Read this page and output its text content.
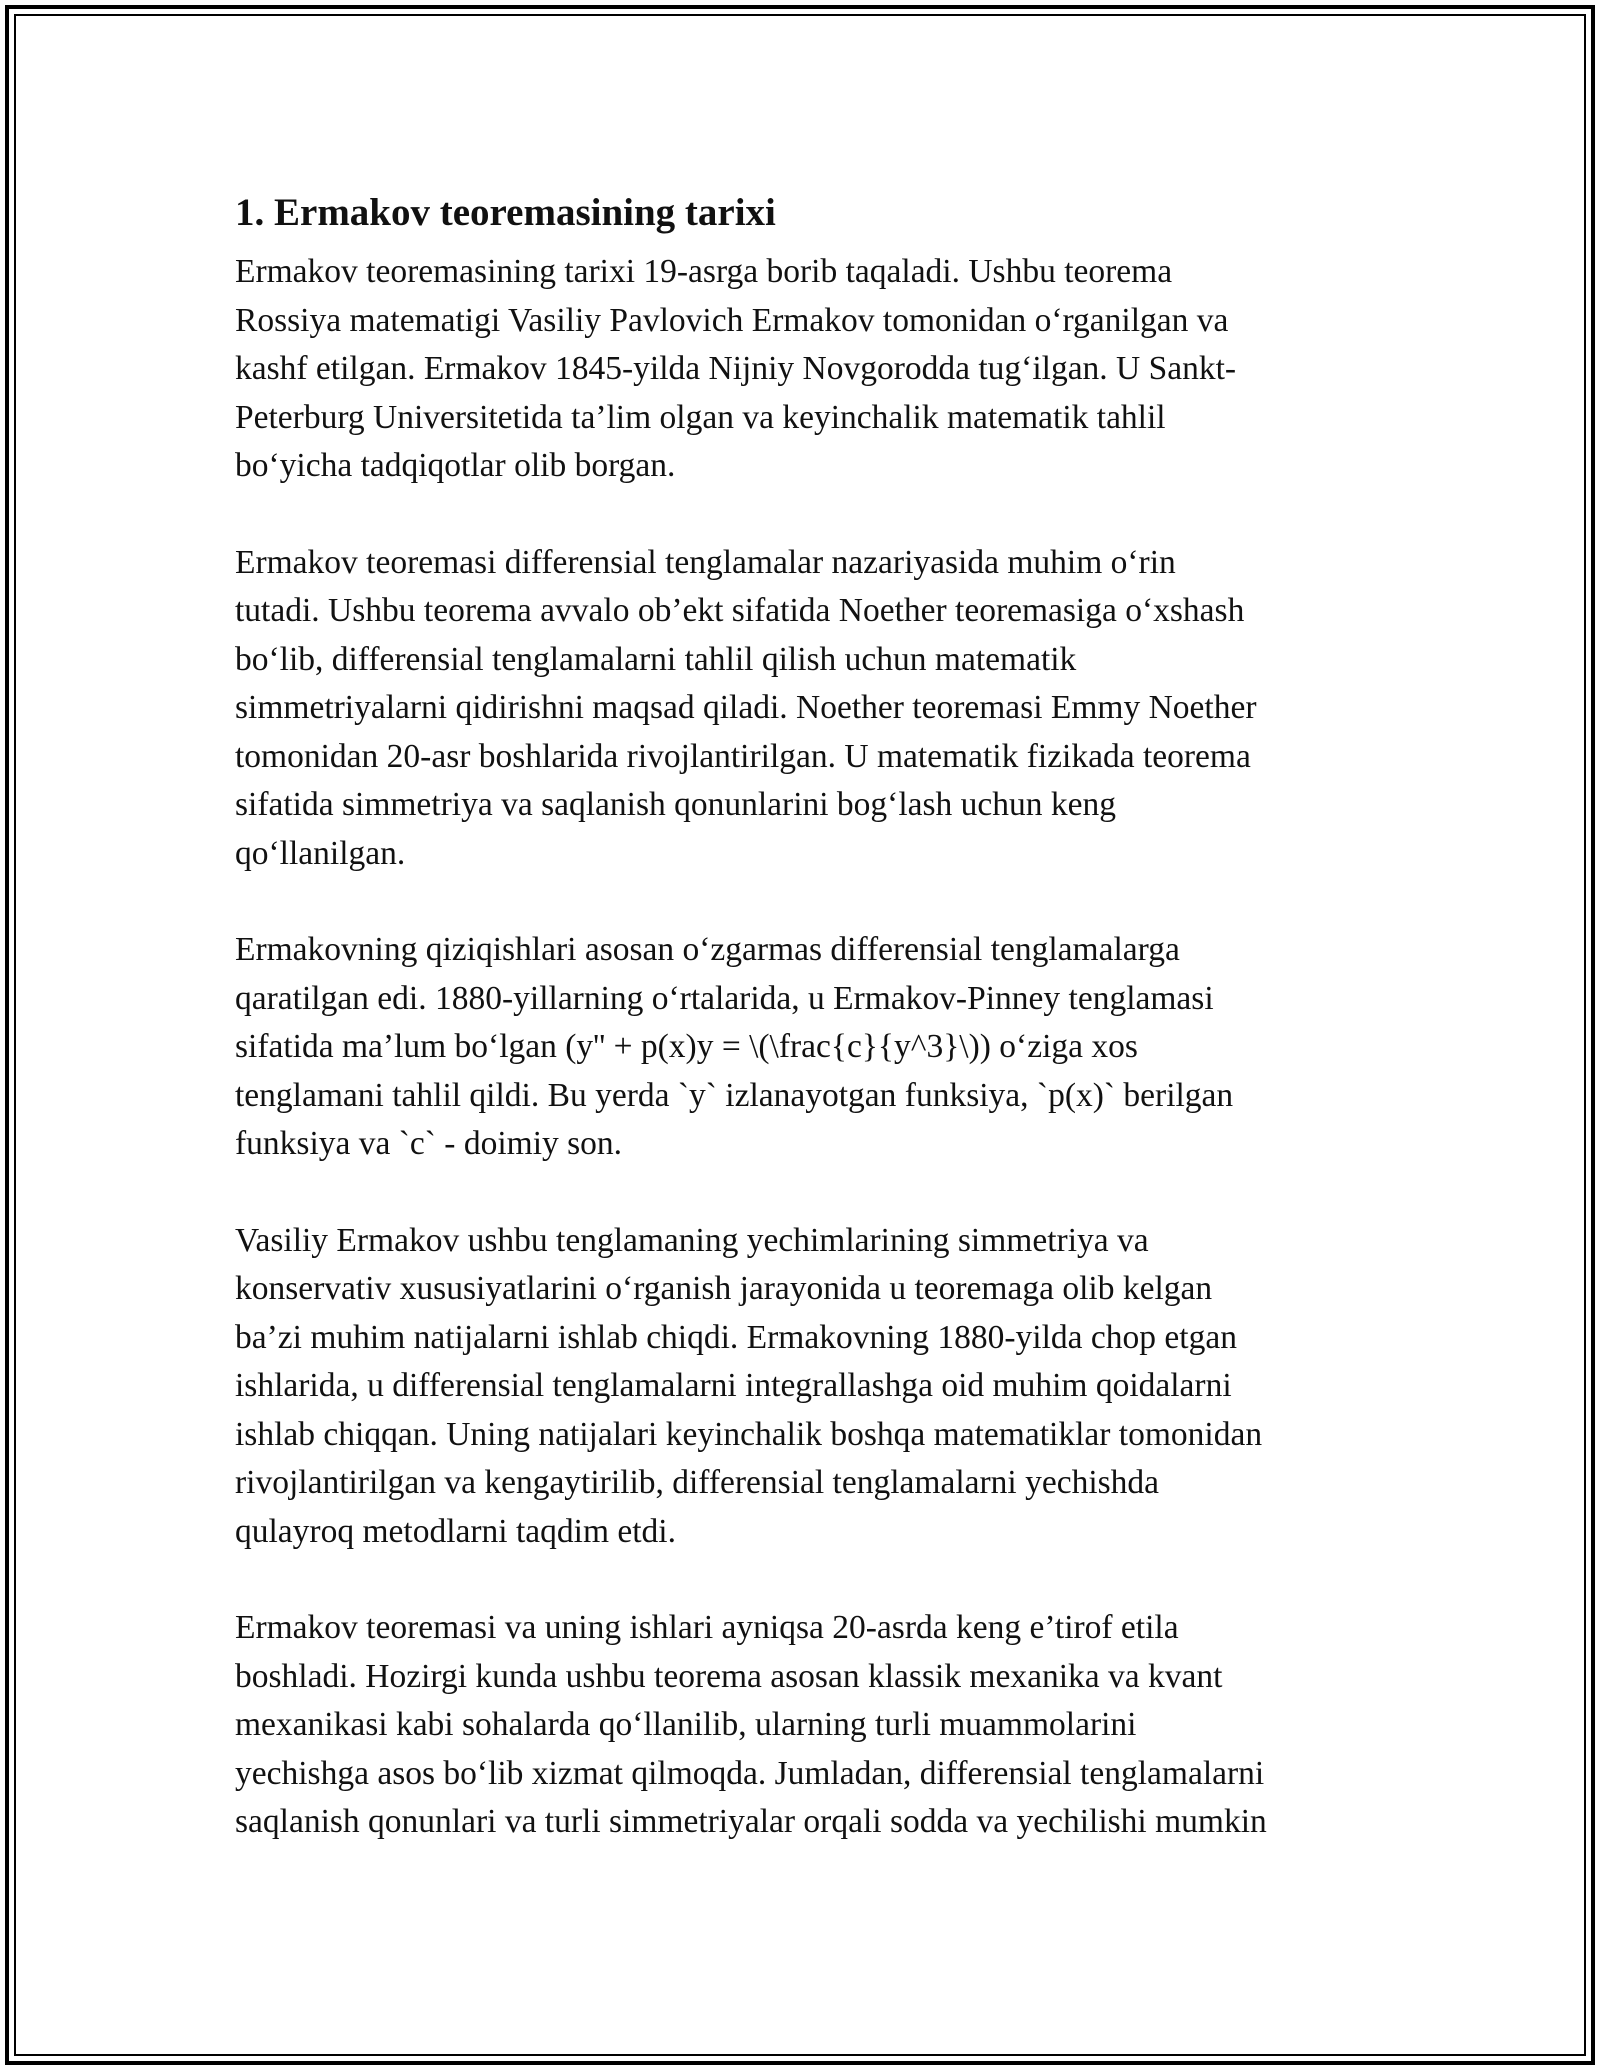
1. Ermakov teoremasining tarixi

Ermakov teoremasining tarixi 19-asrga borib taqaladi. Ushbu teorema
Rossiya matematigi Vasiliy Pavlovich Ermakov tomonidan o‘rganilgan va
kashf etilgan. Ermakov 1845-yilda Nijniy Novgorodda tug‘ilgan. U Sankt-
Peterburg Universitetida ta’lim olgan va keyinchalik matematik tahlil
bo‘yicha tadqiqotlar olib borgan.

Ermakov teoremasi differensial tenglamalar nazariyasida muhim o‘rin
tutadi. Ushbu teorema avvalo ob’ekt sifatida Noether teoremasiga o‘xshash
bo‘lib, differensial tenglamalarni tahlil qilish uchun matematik
simmetriyalarni qidirishni maqsad qiladi. Noether teoremasi Emmy Noether
tomonidan 20-asr boshlarida rivojlantirilgan. U matematik fizikada teorema
sifatida simmetriya va saqlanish qonunlarini bog‘lash uchun keng
qo‘llanilgan.

Ermakovning qiziqishlari asosan o‘zgarmas differensial tenglamalarga
qaratilgan edi. 1880-yillarning o‘rtalarida, u Ermakov-Pinney tenglamasi
sifatida ma’lum bo‘lgan (y'' + p(x)y = \(\frac{c}{y^3}\)) o‘ziga xos
tenglamani tahlil qildi. Bu yerda `y` izlanayotgan funksiya, `p(x)` berilgan
funksiya va `c` - doimiy son.

Vasiliy Ermakov ushbu tenglamaning yechimlarining simmetriya va
konservativ xususiyatlarini o‘rganish jarayonida u teoremaga olib kelgan
ba’zi muhim natijalarni ishlab chiqdi. Ermakovning 1880-yilda chop etgan
ishlarida, u differensial tenglamalarni integrallashga oid muhim qoidalarni
ishlab chiqqan. Uning natijalari keyinchalik boshqa matematiklar tomonidan
rivojlantirilgan va kengaytirilib, differensial tenglamalarni yechishda
qulayroq metodlarni taqdim etdi.

Ermakov teoremasi va uning ishlari ayniqsa 20-asrda keng e’tirof etila
boshladi. Hozirgi kunda ushbu teorema asosan klassik mexanika va kvant
mexanikasi kabi sohalarda qo‘llanilib, ularning turli muammolarini
yechishga asos bo‘lib xizmat qilmoqda. Jumladan, differensial tenglamalarni
saqlanish qonunlari va turli simmetriyalar orqali sodda va yechilishi mumkin
